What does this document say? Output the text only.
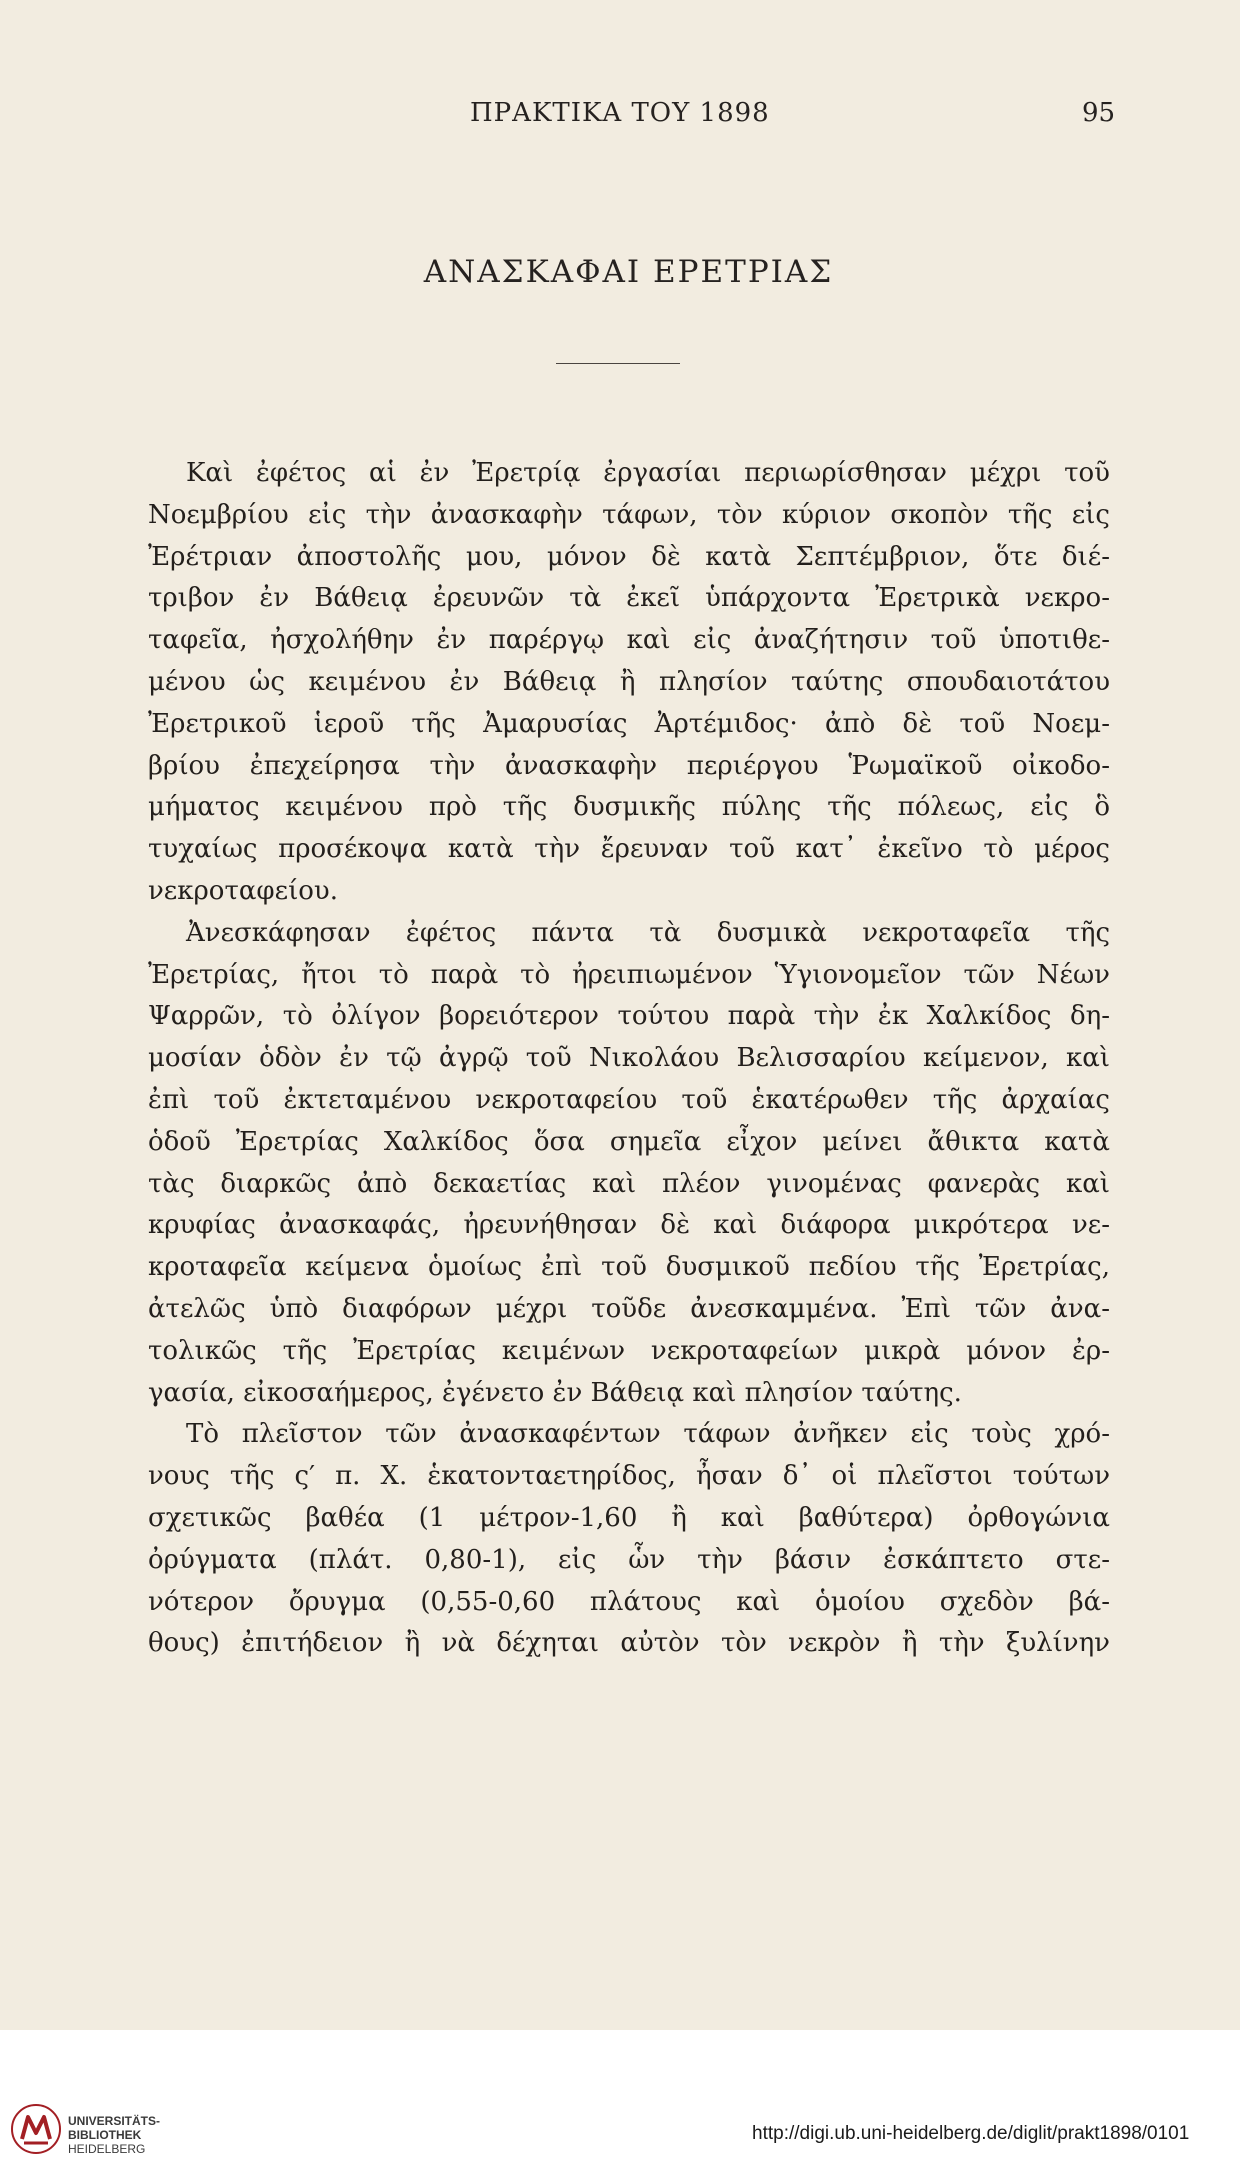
ΠΡΑΚΤΙΚΑ ΤΟΥ 1898	95
ΑΝΑΣΚΑΦΑΙ ΕΡΕΤΡΙΑΣ
Καὶ ἐφέτος αἱ ἐν Ἐρετρίᾳ ἐργασίαι περιωρίσθησαν μέχρι τοῦ
Νοεμβρίου εἰς τὴν ἀνασκαφὴν τάφων, τὸν κύριον σκοπὸν τῆς εἰς
Ἐρέτριαν ἀποστολῆς μου, μόνον δὲ κατὰ Σεπτέμβριον, ὅτε διέ-
τριβον ἐν Βάθειᾳ ἐρευνῶν τὰ ἐκεῖ ὑπάρχοντα Ἐρετρικὰ νεκρο-
ταφεῖα, ἠσχολήθην ἐν παρέργῳ καὶ εἰς ἀναζήτησιν τοῦ ὑποτιθε-
μένου ὡς κειμένου ἐν Βάθειᾳ ἢ πλησίον ταύτης σπουδαιοτάτου
Ἐρετρικοῦ ἱεροῦ τῆς Ἀμαρυσίας Ἀρτέμιδος· ἀπὸ δὲ τοῦ Νοεμ-
βρίου ἐπεχείρησα τὴν ἀνασκαφὴν περιέργου Ῥωμαϊκοῦ οἰκοδο-
μήματος κειμένου πρὸ τῆς δυσμικῆς πύλης τῆς πόλεως, εἰς ὃ
τυχαίως προσέκοψα κατὰ τὴν ἔρευναν τοῦ κατ᾽ ἐκεῖνο τὸ μέρος
νεκροταφείου.
Ἀνεσκάφησαν ἐφέτος πάντα τὰ δυσμικὰ νεκροταφεῖα τῆς
Ἐρετρίας, ἤτοι τὸ παρὰ τὸ ἠρειπιωμένον Ὑγιονομεῖον τῶν Νέων
Ψαρρῶν, τὸ ὀλίγον βορειότερον τούτου παρὰ τὴν ἐκ Χαλκίδος δη-
μοσίαν ὁδὸν ἐν τῷ ἀγρῷ τοῦ Νικολάου Βελισσαρίου κείμενον, καὶ
ἐπὶ τοῦ ἐκτεταμένου νεκροταφείου τοῦ ἑκατέρωθεν τῆς ἀρχαίας
ὁδοῦ Ἐρετρίας Χαλκίδος ὅσα σημεῖα εἶχον μείνει ἄθικτα κατὰ
τὰς διαρκῶς ἀπὸ δεκαετίας καὶ πλέον γινομένας φανερὰς καὶ
κρυφίας ἀνασκαφάς, ἠρευνήθησαν δὲ καὶ διάφορα μικρότερα νε-
κροταφεῖα κείμενα ὁμοίως ἐπὶ τοῦ δυσμικοῦ πεδίου τῆς Ἐρετρίας,
ἀτελῶς ὑπὸ διαφόρων μέχρι τοῦδε ἀνεσκαμμένα. Ἐπὶ τῶν ἀνα-
τολικῶς τῆς Ἐρετρίας κειμένων νεκροταφείων μικρὰ μόνον ἐρ-
γασία, εἰκοσαήμερος, ἐγένετο ἐν Βάθειᾳ καὶ πλησίον ταύτης.
Τὸ πλεῖστον τῶν ἀνασκαφέντων τάφων ἀνῆκεν εἰς τοὺς χρό-
νους τῆς ς′ π. Χ. ἑκατονταετηρίδος, ἦσαν δ᾽ οἱ πλεῖστοι τούτων
σχετικῶς βαθέα (1 μέτρον-1,60 ἢ καὶ βαθύτερα) ὀρθογώνια
ὀρύγματα (πλάτ. 0,80-1), εἰς ὧν τὴν βάσιν ἐσκάπτετο στε-
νότερον ὄρυγμα (0,55-0,60 πλάτους καὶ ὁμοίου σχεδὸν βά-
θους) ἐπιτήδειον ἢ νὰ δέχηται αὐτὸν τὸν νεκρὸν ἢ τὴν ξυλίνην
UNIVERSITÄTS-
BIBLIOTHEK
HEIDELBERG
http://digi.ub.uni-heidelberg.de/diglit/prakt1898/0101
